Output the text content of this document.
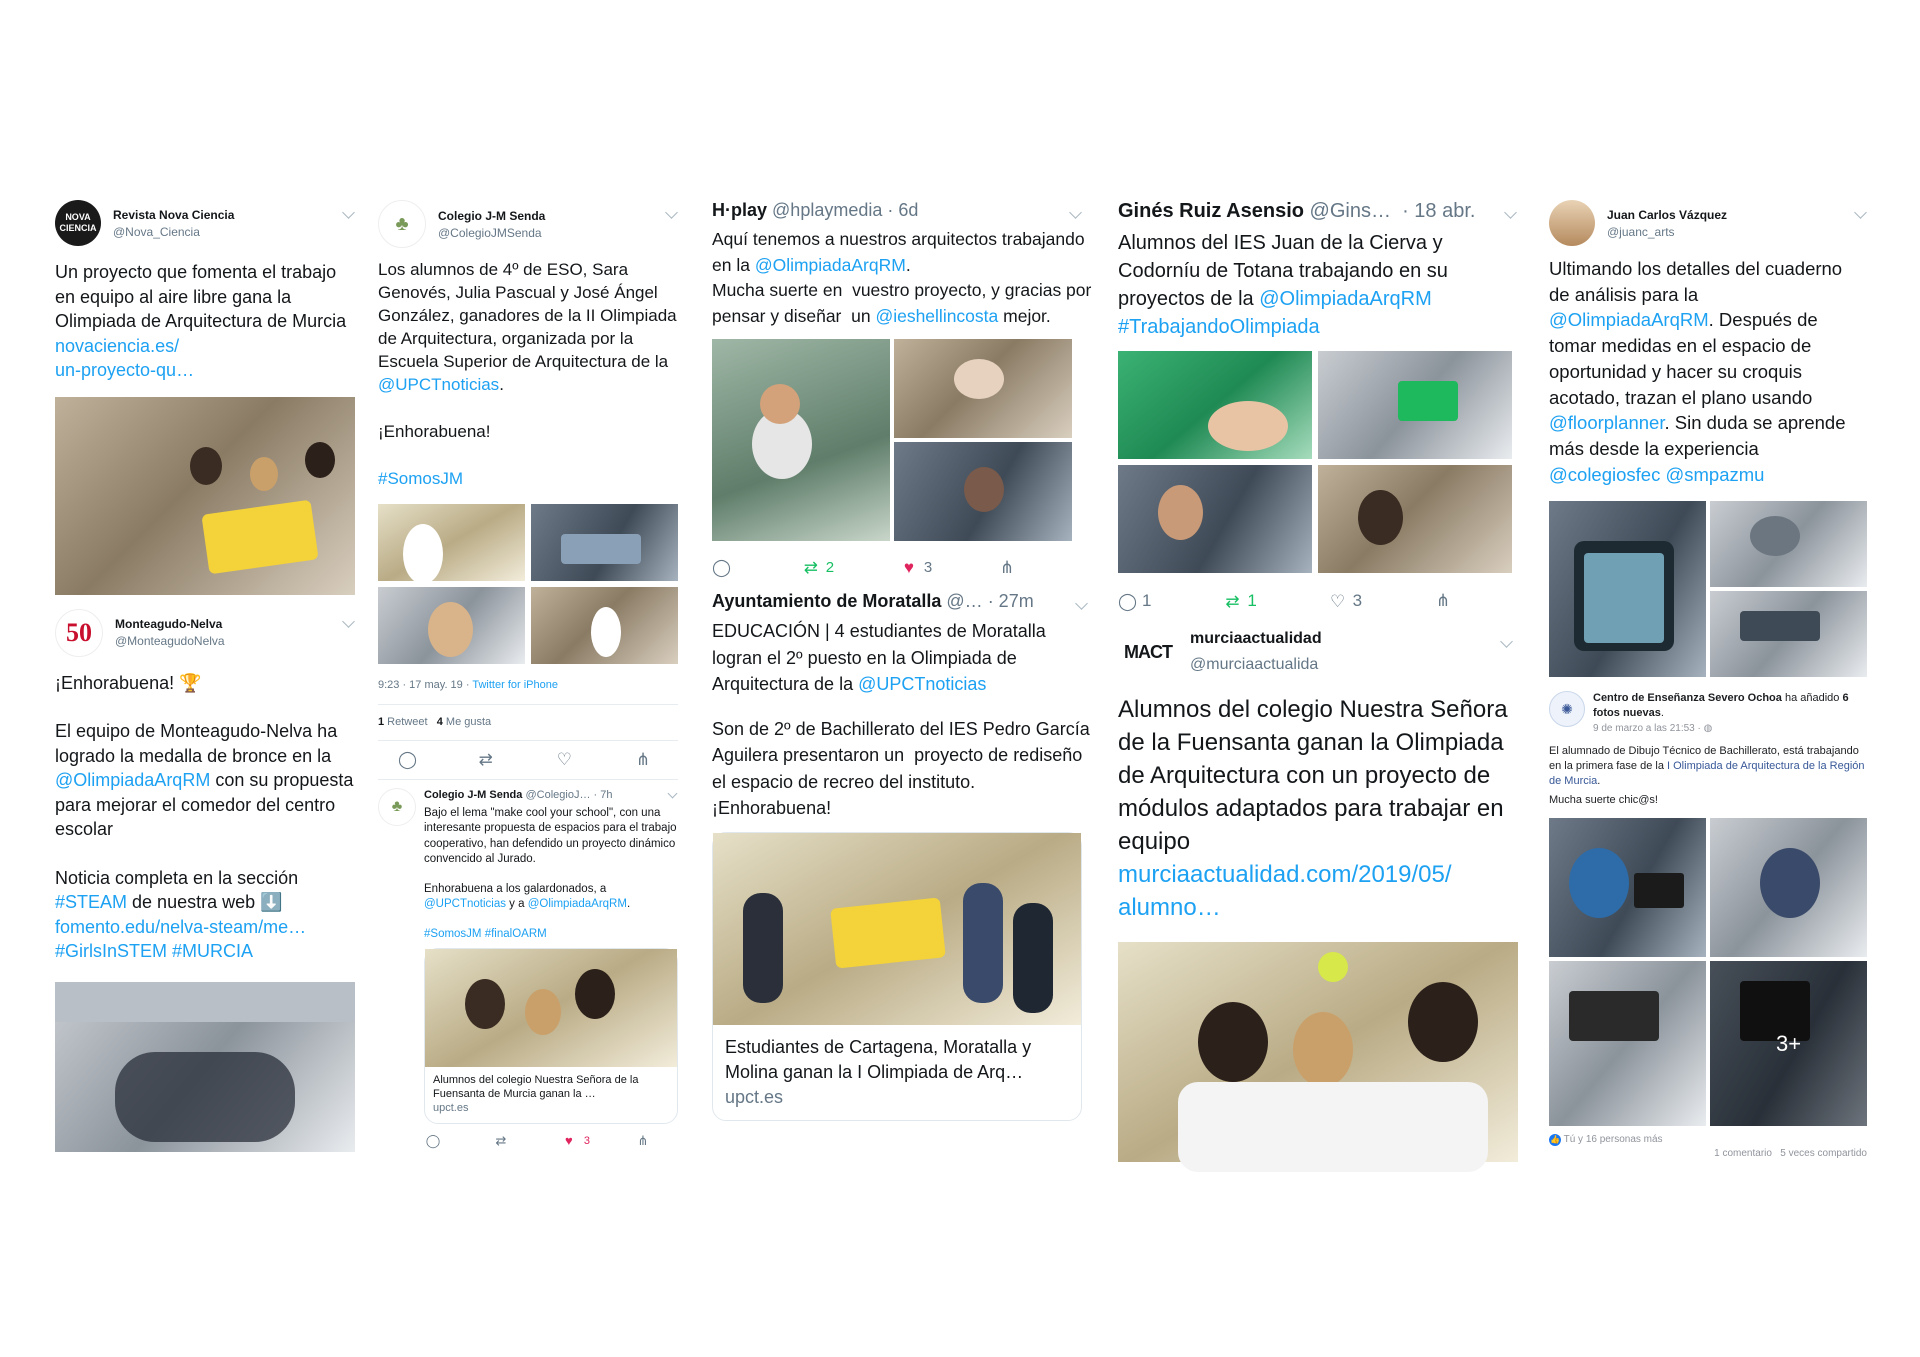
NOVA
CIENCIA
Revista Nova Ciencia
@Nova_Ciencia
Un proyecto que fomenta el trabajo en equipo al aire libre gana la Olimpiada de Arquitectura de Murcia novaciencia.es/
un-proyecto-qu…
50 Monteagudo-Nelva
@MonteagudoNelva
¡Enhorabuena! 🏆
El equipo de Monteagudo-Nelva ha logrado la medalla de bronce en la @OlimpiadaArqRM con su propuesta para mejorar el comedor del centro escolar
Noticia completa en la sección #STEAM de nuestra web ⬇️
fomento.edu/nelva-steam/me…
#GirlsInSTEM #MURCIA
♣ Colegio J-M Senda
@ColegioJMSenda
Los alumnos de 4º de ESO, Sara Genovés, Julia Pascual y José Ángel González, ganadores de la II Olimpiada de Arquitectura, organizada por la Escuela Superior de Arquitectura de la @UPCTnoticias.
¡Enhorabuena!
#SomosJM
9:23 · 17 may. 19 · Twitter for iPhone
1 Retweet 4 Me gusta
◯	⇄	♡	⋔
♣
Colegio J-M Senda @ColegioJ… · 7h
Bajo el lema "make cool your school", con una interesante propuesta de espacios para el trabajo cooperativo, han defendido un proyecto dinámico convencido al Jurado.
Enhorabuena a los galardonados, a @UPCTnoticias y a @OlimpiadaArqRM.
#SomosJM #finalOARM
Alumnos del colegio Nuestra Señora de la Fuensanta de Murcia ganan la …
upct.es
◯	⇄	♥ 3	⋔
H·play
@hplaymedia
· 6d
Aquí tenemos a nuestros arquitectos trabajando en la @OlimpiadaArqRM.
Mucha suerte en  vuestro proyecto, y gracias por pensar y diseñar  un @ieshellincosta mejor.
◯	⇄ 2	♥ 3	⋔
Ayuntamiento de Moratalla
@…
· 27m
EDUCACIÓN | 4 estudiantes de Moratalla logran el 2º puesto en la Olimpiada de Arquitectura de la @UPCTnoticias
Son de 2º de Bachillerato del IES Pedro García Aguilera presentaron un  proyecto de rediseño el espacio de recreo del instituto.
¡Enhorabuena!
Estudiantes de Cartagena, Moratalla y Molina ganan la I Olimpiada de Arq…
upct.es
Ginés Ruiz Asensio
@Gins…
· 18 abr.
Alumnos del IES Juan de la Cierva y Codorníu de Totana trabajando en su proyectos de la @OlimpiadaArqRM
#TrabajandoOlimpiada
◯ 1	⇄ 1	♡ 3	⋔
MACT
murciaactualidad
@murciaactualida
Alumnos del colegio Nuestra Señora de la Fuensanta ganan la Olimpiada de Arquitectura con un proyecto de módulos adaptados para trabajar en equipo murciaactualidad.com/2019/05/ alumno…
Juan Carlos Vázquez
@juanc_arts
Ultimando los detalles del cuaderno de análisis para la @OlimpiadaArqRM. Después de tomar medidas en el espacio de oportunidad y hacer su croquis acotado, trazan el plano usando @floorplanner. Sin duda se aprende más desde la experiencia @colegiosfec @smpazmu
✺
Centro de Enseñanza Severo Ochoa ha añadido 6 fotos nuevas.
9 de marzo a las 21:53 · ◍
El alumnado de Dibujo Técnico de Bachillerato, está trabajando en la primera fase de la I Olimpiada de Arquitectura de la Región de Murcia.
Mucha suerte chic@s!
3+
👍 Tú y 16 personas más
1 comentario 5 veces compartido
